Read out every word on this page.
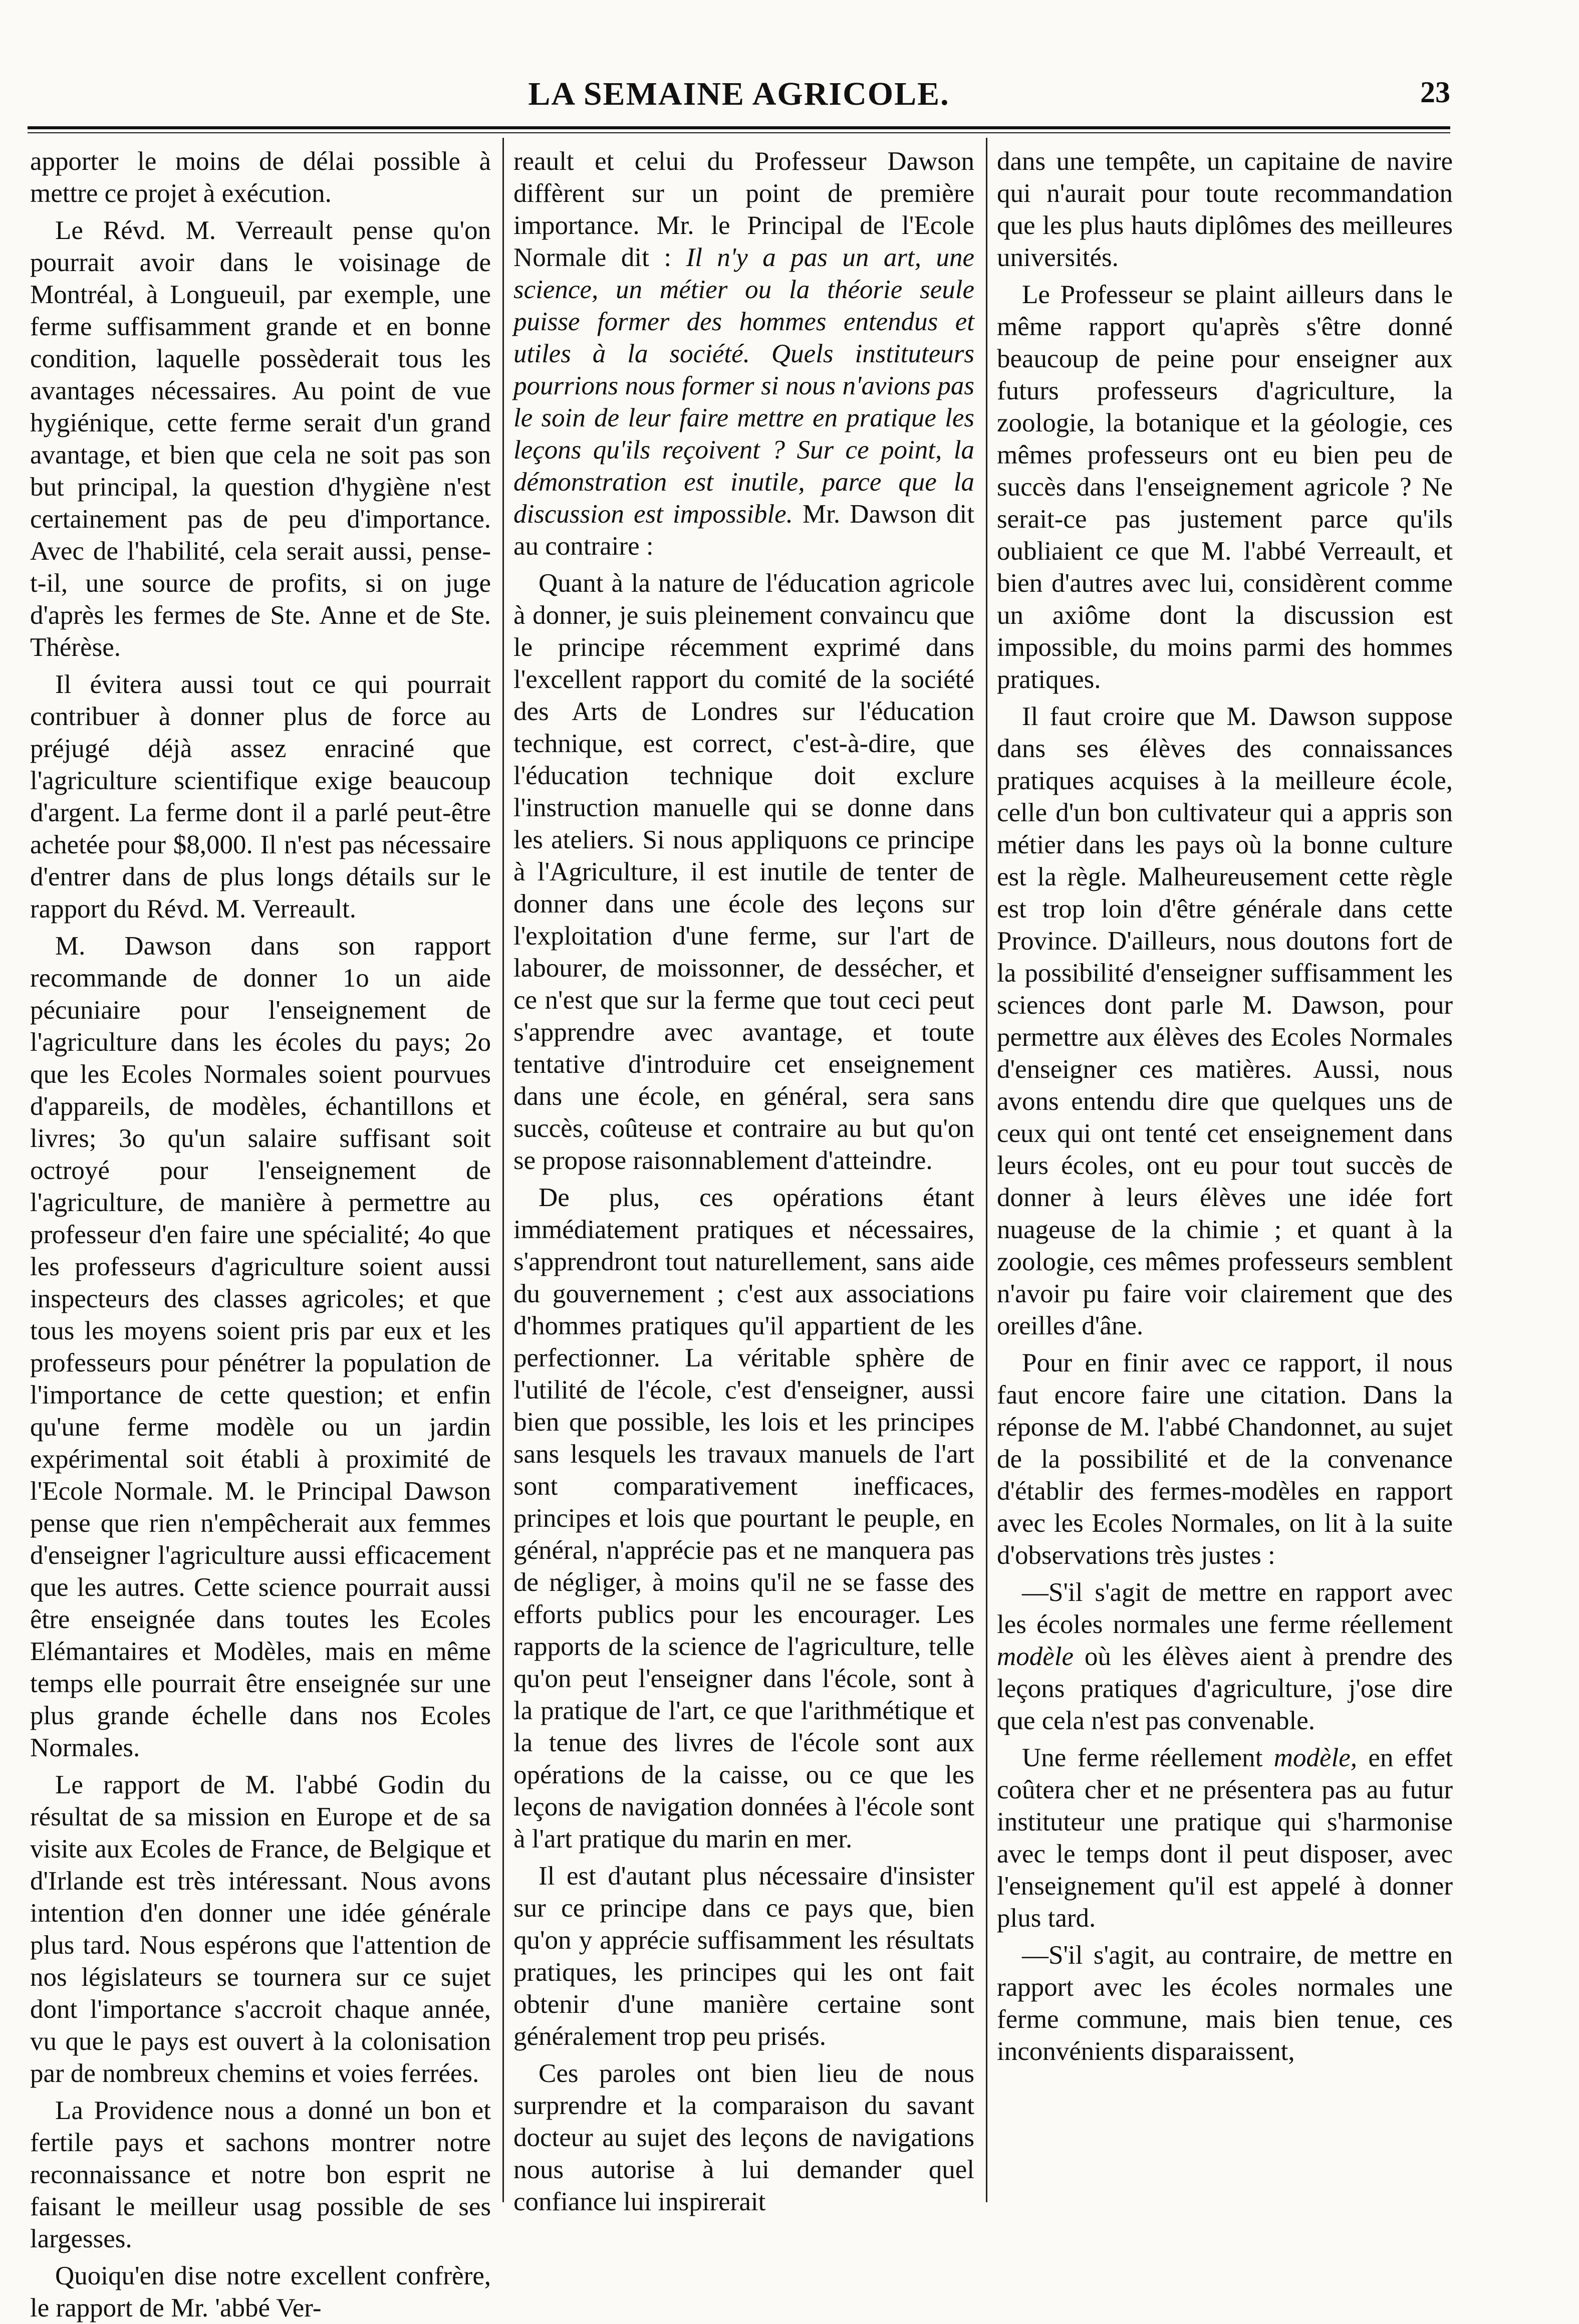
LA SEMAINE AGRICOLE.	23

apporter le moins de délai possible à mettre ce projet à exécution.

Le Révd. M. Verreault pense qu'on pourrait avoir dans le voisinage de Montréal, à Longueuil, par exemple, une ferme suffisamment grande et en bonne condition, laquelle possèderait tous les avantages nécessaires. Au point de vue hygiénique, cette ferme serait d'un grand avantage, et bien que cela ne soit pas son but principal, la question d'hygiène n'est certainement pas de peu d'importance. Avec de l'habilité, cela serait aussi, pense-t-il, une source de profits, si on juge d'après les fermes de Ste. Anne et de Ste. Thérèse.

Il évitera aussi tout ce qui pourrait contribuer à donner plus de force au préjugé déjà assez enraciné que l'agriculture scientifique exige beaucoup d'argent. La ferme dont il a parlé peut-être achetée pour $8,000. Il n'est pas nécessaire d'entrer dans de plus longs détails sur le rapport du Révd. M. Verreault.

M. Dawson dans son rapport recommande de donner 1o un aide pécuniaire pour l'enseignement de l'agriculture dans les écoles du pays; 2o que les Ecoles Normales soient pourvues d'appareils, de modèles, échantillons et livres; 3o qu'un salaire suffisant soit octroyé pour l'enseignement de l'agriculture, de manière à permettre au professeur d'en faire une spécialité; 4o que les professeurs d'agriculture soient aussi inspecteurs des classes agricoles; et que tous les moyens soient pris par eux et les professeurs pour pénétrer la population de l'importance de cette question; et enfin qu'une ferme modèle ou un jardin expérimental soit établi à proximité de l'Ecole Normale. M. le Principal Dawson pense que rien n'empêcherait aux femmes d'enseigner l'agriculture aussi efficacement que les autres. Cette science pourrait aussi être enseignée dans toutes les Ecoles Elémantaires et Modèles, mais en même temps elle pourrait être enseignée sur une plus grande échelle dans nos Ecoles Normales.

Le rapport de M. l'abbé Godin du résultat de sa mission en Europe et de sa visite aux Ecoles de France, de Belgique et d'Irlande est très intéressant. Nous avons intention d'en donner une idée générale plus tard. Nous espérons que l'attention de nos législateurs se tournera sur ce sujet dont l'importance s'accroit chaque année, vu que le pays est ouvert à la colonisation par de nombreux chemins et voies ferrées.

La Providence nous a donné un bon et fertile pays et sachons montrer notre reconnaissance et notre bon esprit ne faisant le meilleur usag possible de ses largesses.

Quoiqu'en dise notre excellent confrère, le rapport de Mr. 'abbé Ver-

reault et celui du Professeur Dawson diffèrent sur un point de première importance. Mr. le Principal de l'Ecole Normale dit : Il n'y a pas un art, une science, un métier ou la théorie seule puisse former des hommes entendus et utiles à la société. Quels instituteurs pourrions nous former si nous n'avions pas le soin de leur faire mettre en pratique les leçons qu'ils reçoivent ? Sur ce point, la démonstration est inutile, parce que la discussion est impossible. Mr. Dawson dit au contraire :

Quant à la nature de l'éducation agricole à donner, je suis pleinement convaincu que le principe récemment exprimé dans l'excellent rapport du comité de la société des Arts de Londres sur l'éducation technique, est correct, c'est-à-dire, que l'éducation technique doit exclure l'instruction manuelle qui se donne dans les ateliers. Si nous appliquons ce principe à l'Agriculture, il est inutile de tenter de donner dans une école des leçons sur l'exploitation d'une ferme, sur l'art de labourer, de moissonner, de dessécher, et ce n'est que sur la ferme que tout ceci peut s'apprendre avec avantage, et toute tentative d'introduire cet enseignement dans une école, en général, sera sans succès, coûteuse et contraire au but qu'on se propose raisonnablement d'atteindre.

De plus, ces opérations étant immédiatement pratiques et nécessaires, s'apprendront tout naturellement, sans aide du gouvernement ; c'est aux associations d'hommes pratiques qu'il appartient de les perfectionner. La véritable sphère de l'utilité de l'école, c'est d'enseigner, aussi bien que possible, les lois et les principes sans lesquels les travaux manuels de l'art sont comparativement inefficaces, principes et lois que pourtant le peuple, en général, n'apprécie pas et ne manquera pas de négliger, à moins qu'il ne se fasse des efforts publics pour les encourager. Les rapports de la science de l'agriculture, telle qu'on peut l'enseigner dans l'école, sont à la pratique de l'art, ce que l'arithmétique et la tenue des livres de l'école sont aux opérations de la caisse, ou ce que les leçons de navigation données à l'école sont à l'art pratique du marin en mer.

Il est d'autant plus nécessaire d'insister sur ce principe dans ce pays que, bien qu'on y apprécie suffisamment les résultats pratiques, les principes qui les ont fait obtenir d'une manière certaine sont généralement trop peu prisés.

Ces paroles ont bien lieu de nous surprendre et la comparaison du savant docteur au sujet des leçons de navigations nous autorise à lui demander quel confiance lui inspirerait

dans une tempête, un capitaine de navire qui n'aurait pour toute recommandation que les plus hauts diplômes des meilleures universités.

Le Professeur se plaint ailleurs dans le même rapport qu'après s'être donné beaucoup de peine pour enseigner aux futurs professeurs d'agriculture, la zoologie, la botanique et la géologie, ces mêmes professeurs ont eu bien peu de succès dans l'enseignement agricole ? Ne serait-ce pas justement parce qu'ils oubliaient ce que M. l'abbé Verreault, et bien d'autres avec lui, considèrent comme un axiôme dont la discussion est impossible, du moins parmi des hommes pratiques.

Il faut croire que M. Dawson suppose dans ses élèves des connaissances pratiques acquises à la meilleure école, celle d'un bon cultivateur qui a appris son métier dans les pays où la bonne culture est la règle. Malheureusement cette règle est trop loin d'être générale dans cette Province. D'ailleurs, nous doutons fort de la possibilité d'enseigner suffisamment les sciences dont parle M. Dawson, pour permettre aux élèves des Ecoles Normales d'enseigner ces matières. Aussi, nous avons entendu dire que quelques uns de ceux qui ont tenté cet enseignement dans leurs écoles, ont eu pour tout succès de donner à leurs élèves une idée fort nuageuse de la chimie ; et quant à la zoologie, ces mêmes professeurs semblent n'avoir pu faire voir clairement que des oreilles d'âne.

Pour en finir avec ce rapport, il nous faut encore faire une citation. Dans la réponse de M. l'abbé Chandonnet, au sujet de la possibilité et de la convenance d'établir des fermes-modèles en rapport avec les Ecoles Normales, on lit à la suite d'observations très justes :

—S'il s'agit de mettre en rapport avec les écoles normales une ferme réellement modèle où les élèves aient à prendre des leçons pratiques d'agriculture, j'ose dire que cela n'est pas convenable.

Une ferme réellement modèle, en effet coûtera cher et ne présentera pas au futur instituteur une pratique qui s'harmonise avec le temps dont il peut disposer, avec l'enseignement qu'il est appelé à donner plus tard.

—S'il s'agit, au contraire, de mettre en rapport avec les écoles normales une ferme commune, mais bien tenue, ces inconvénients disparaissent,
